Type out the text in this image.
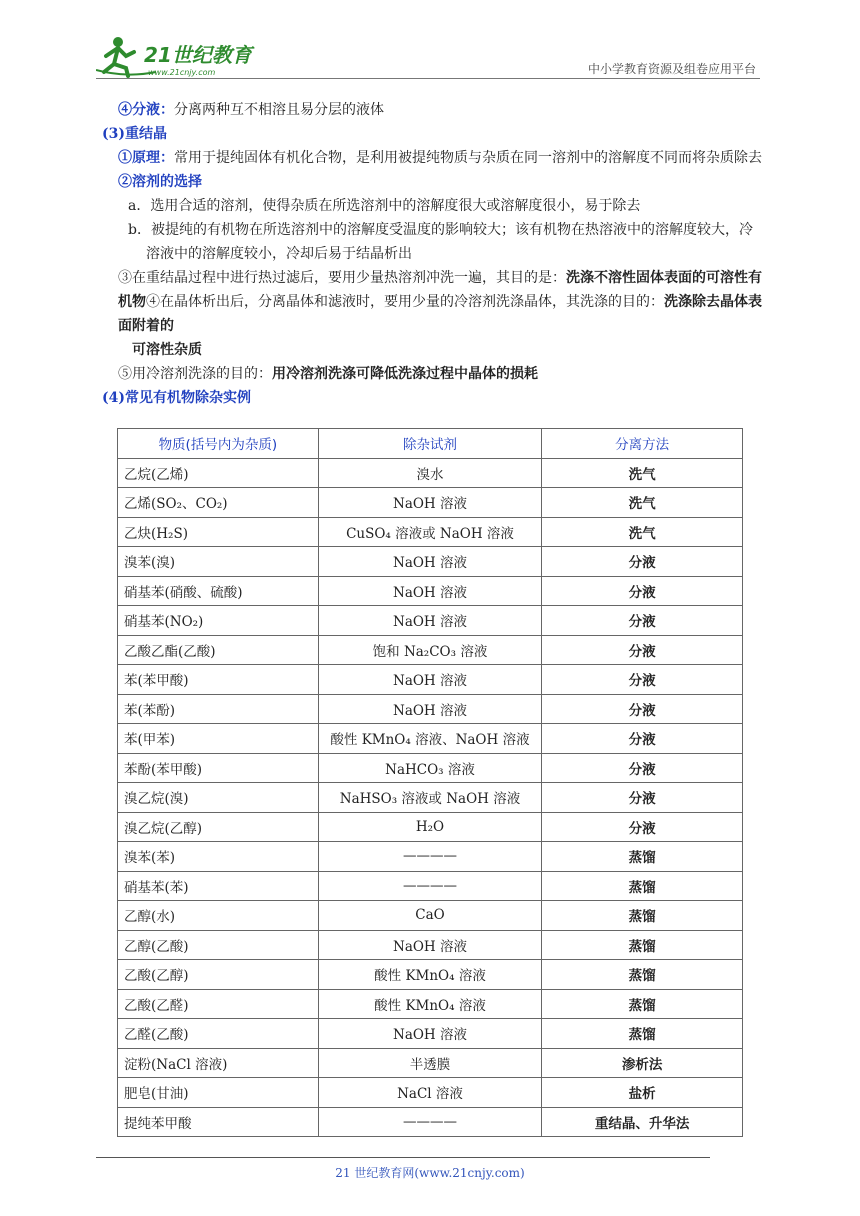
21世纪教育
www.21cnjy.com	中小学教育资源及组卷应用平台

④分液：分离两种互不相溶且易分层的液体

(3)重结晶

①原理：常用于提纯固体有机化合物，是利用被提纯物质与杂质在同一溶剂中的溶解度不同而将杂质除去

②溶剂的选择

a．选用合适的溶剂，使得杂质在所选溶剂中的溶解度很大或溶解度很小，易于除去

b．被提纯的有机物在所选溶剂中的溶解度受温度的影响较大；该有机物在热溶液中的溶解度较大，冷溶液中的溶解度较小，冷却后易于结晶析出

③在重结晶过程中进行热过滤后，要用少量热溶剂冲洗一遍，其目的是：洗涤不溶性固体表面的可溶性有机物④在晶体析出后，分离晶体和滤液时，要用少量的冷溶剂洗涤晶体，其洗涤的目的：洗涤除去晶体表面附着的

可溶性杂质

⑤用冷溶剂洗涤的目的：用冷溶剂洗涤可降低洗涤过程中晶体的损耗

(4)常见有机物除杂实例

物质(括号内为杂质)	除杂试剂	分离方法
乙烷(乙烯)	溴水	洗气
乙烯(SO₂、CO₂)	NaOH 溶液	洗气
乙炔(H₂S)	CuSO₄ 溶液或 NaOH 溶液	洗气
溴苯(溴)	NaOH 溶液	分液
硝基苯(硝酸、硫酸)	NaOH 溶液	分液
硝基苯(NO₂)	NaOH 溶液	分液
乙酸乙酯(乙酸)	饱和 Na₂CO₃ 溶液	分液
苯(苯甲酸)	NaOH 溶液	分液
苯(苯酚)	NaOH 溶液	分液
苯(甲苯)	酸性 KMnO₄ 溶液、NaOH 溶液	分液
苯酚(苯甲酸)	NaHCO₃ 溶液	分液
溴乙烷(溴)	NaHSO₃ 溶液或 NaOH 溶液	分液
溴乙烷(乙醇)	H₂O	分液
溴苯(苯)	————	蒸馏
硝基苯(苯)	————	蒸馏
乙醇(水)	CaO	蒸馏
乙醇(乙酸)	NaOH 溶液	蒸馏
乙酸(乙醇)	酸性 KMnO₄ 溶液	蒸馏
乙酸(乙醛)	酸性 KMnO₄ 溶液	蒸馏
乙醛(乙酸)	NaOH 溶液	蒸馏
淀粉(NaCl 溶液)	半透膜	渗析法
肥皂(甘油)	NaCl 溶液	盐析
提纯苯甲酸	————	重结晶、升华法
21 世纪教育网(www.21cnjy.com)
